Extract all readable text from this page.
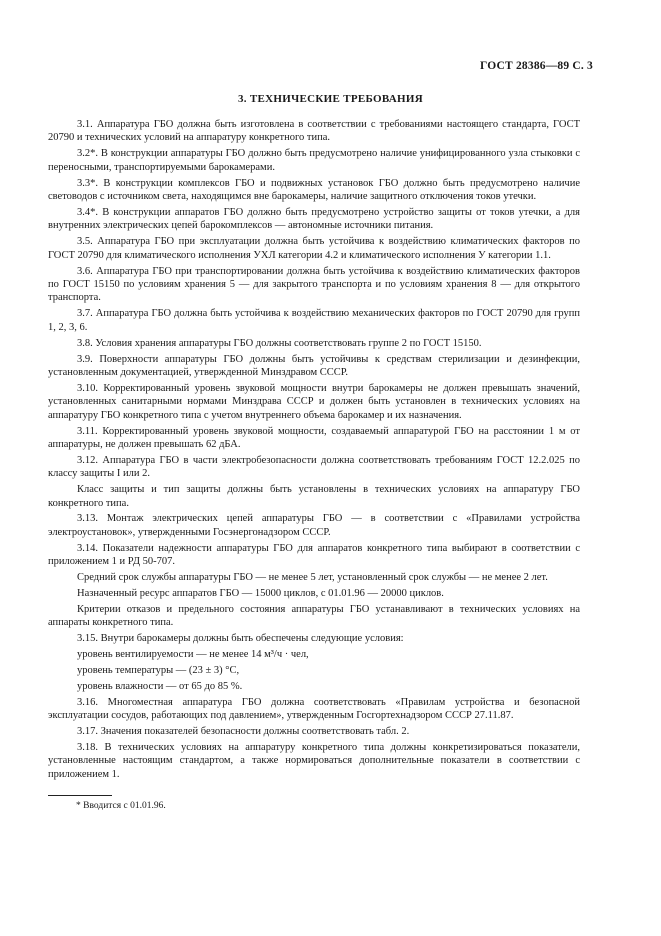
ГОСТ 28386—89 С. 3
3. ТЕХНИЧЕСКИЕ ТРЕБОВАНИЯ

3.1. Аппаратура ГБО должна быть изготовлена в соответствии с требованиями настоящего стандарта, ГОСТ 20790 и технических условий на аппаратуру конкретного типа.

3.2*. В конструкции аппаратуры ГБО должно быть предусмотрено наличие унифицированного узла стыковки с переносными, транспортируемыми барокамерами.

3.3*. В конструкции комплексов ГБО и подвижных установок ГБО должно быть предусмотрено наличие световодов с источником света, находящимся вне барокамеры, наличие защитного отключения токов утечки.

3.4*. В конструкции аппаратов ГБО должно быть предусмотрено устройство защиты от токов утечки, а для внутренних электрических цепей барокомплексов — автономные источники питания.

3.5. Аппаратура ГБО при эксплуатации должна быть устойчива к воздействию климатических факторов по ГОСТ 20790 для климатического исполнения УХЛ категории 4.2 и климатического исполнения У категории 1.1.

3.6. Аппаратура ГБО при транспортировании должна быть устойчива к воздействию климатических факторов по ГОСТ 15150 по условиям хранения 5 — для закрытого транспорта и по условиям хранения 8 — для открытого транспорта.

3.7. Аппаратура ГБО должна быть устойчива к воздействию механических факторов по ГОСТ 20790 для групп 1, 2, 3, 6.

3.8. Условия хранения аппаратуры ГБО должны соответствовать группе 2 по ГОСТ 15150.

3.9. Поверхности аппаратуры ГБО должны быть устойчивы к средствам стерилизации и дезинфекции, установленным документацией, утвержденной Минздравом СССР.

3.10. Корректированный уровень звуковой мощности внутри барокамеры не должен превышать значений, установленных санитарными нормами Минздрава СССР и должен быть установлен в технических условиях на аппаратуру ГБО конкретного типа с учетом внутреннего объема барокамер и их назначения.

3.11. Корректированный уровень звуковой мощности, создаваемый аппаратурой ГБО на расстоянии 1 м от аппаратуры, не должен превышать 62 дБА.

3.12. Аппаратура ГБО в части электробезопасности должна соответствовать требованиям ГОСТ 12.2.025 по классу защиты I или 2.

Класс защиты и тип защиты должны быть установлены в технических условиях на аппаратуру ГБО конкретного типа.

3.13. Монтаж электрических цепей аппаратуры ГБО — в соответствии с «Правилами устройства электроустановок», утвержденными Госэнергонадзором СССР.

3.14. Показатели надежности аппаратуры ГБО для аппаратов конкретного типа выбирают в соответствии с приложением 1 и РД 50-707.

Средний срок службы аппаратуры ГБО — не менее 5 лет, установленный срок службы — не менее 2 лет.

Назначенный ресурс аппаратов ГБО — 15000 циклов, с 01.01.96 — 20000 циклов.

Критерии отказов и предельного состояния аппаратуры ГБО устанавливают в технических условиях на аппараты конкретного типа.

3.15. Внутри барокамеры должны быть обеспечены следующие условия:

уровень вентилируемости — не менее 14 м³/ч · чел,

уровень температуры — (23 ± 3) °С,

уровень влажности — от 65 до 85 %.

3.16. Многоместная аппаратура ГБО должна соответствовать «Правилам устройства и безопасной эксплуатации сосудов, работающих под давлением», утвержденным Госгортехнадзором СССР 27.11.87.

3.17. Значения показателей безопасности должны соответствовать табл. 2.

3.18. В технических условиях на аппаратуру конкретного типа должны конкретизироваться показатели, установленные настоящим стандартом, а также нормироваться дополнительные показатели в соответствии с приложением 1.

* Вводится с 01.01.96.
